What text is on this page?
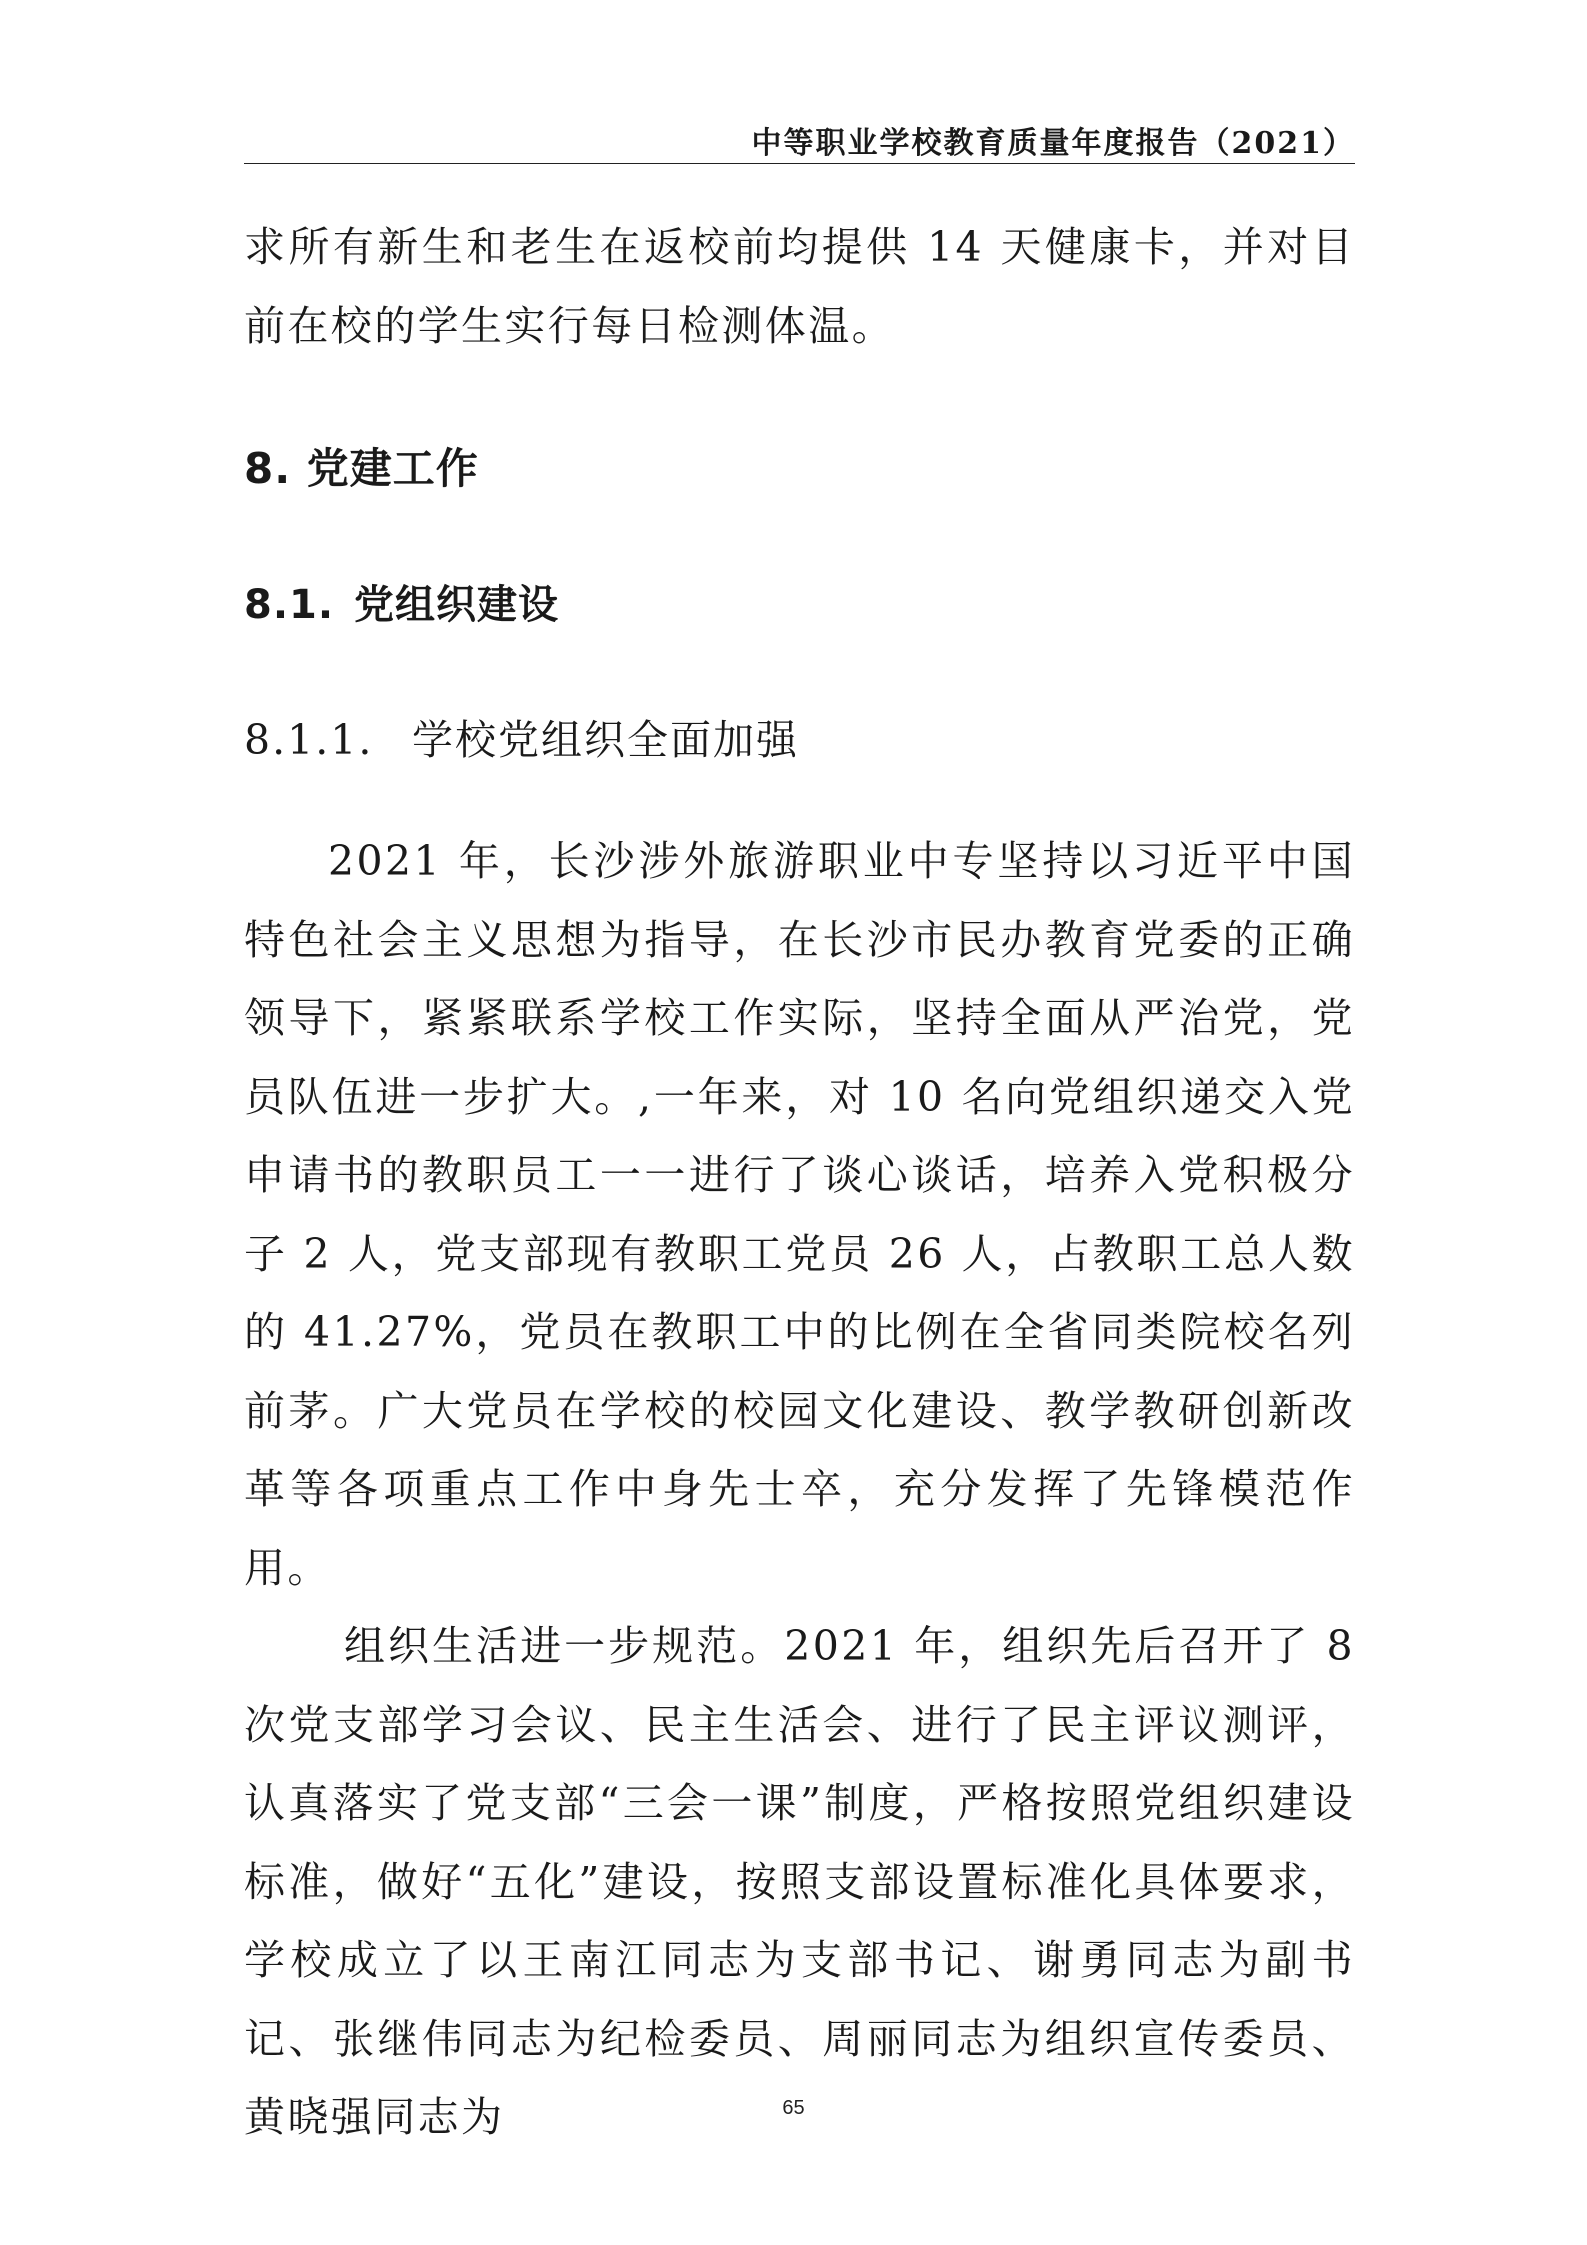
中等职业学校教育质量年度报告（2021）

求所有新生和老生在返校前均提供 14 天健康卡，并对目前在校的学生实行每日检测体温。

8. 党建工作

8.1. 党组织建设

8.1.1. 学校党组织全面加强

2021 年，长沙涉外旅游职业中专坚持以习近平中国特色社会主义思想为指导，在长沙市民办教育党委的正确领导下，紧紧联系学校工作实际，坚持全面从严治党，党员队伍进一步扩大。,一年来，对 10 名向党组织递交入党申请书的教职员工一一进行了谈心谈话，培养入党积极分子 2 人，党支部现有教职工党员 26 人，占教职工总人数的 41.27%，党员在教职工中的比例在全省同类院校名列前茅。广大党员在学校的校园文化建设、教学教研创新改革等各项重点工作中身先士卒，充分发挥了先锋模范作用。

组织生活进一步规范。2021 年，组织先后召开了 8 次党支部学习会议、民主生活会、进行了民主评议测评，认真落实了党支部“三会一课”制度，严格按照党组织建设标准，做好“五化”建设，按照支部设置标准化具体要求，学校成立了以王南江同志为支部书记、谢勇同志为副书记、张继伟同志为纪检委员、周丽同志为组织宣传委员、黄晓强同志为	65
